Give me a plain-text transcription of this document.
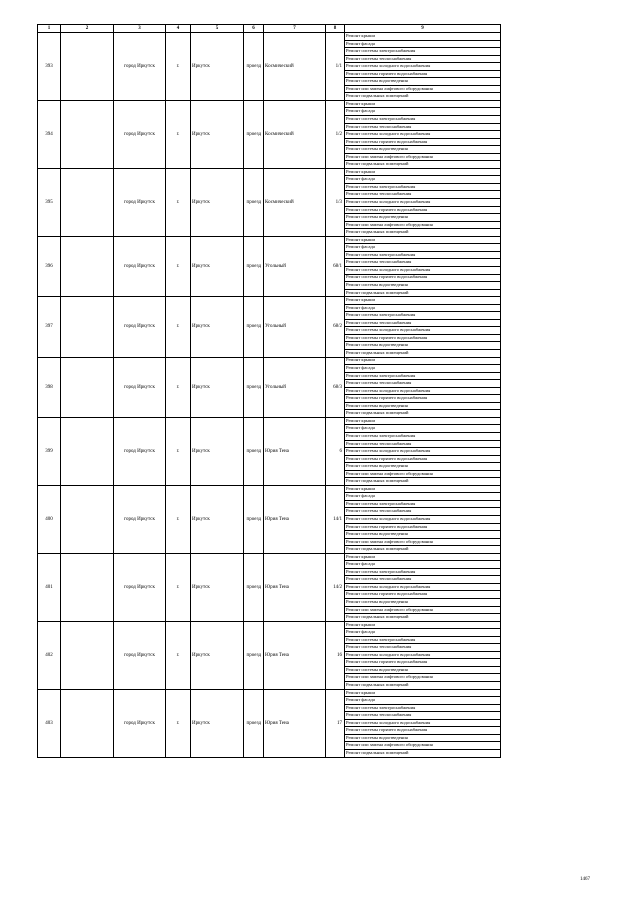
1	2	3	4	5	6	7	8	9
393		город Иркутск	г.	Иркутск	проезд	Космический	1/1	Ремонт крыши
								Ремонт фасада
								Ремонт системы электроснабжения
								Ремонт системы теплоснабжения
								Ремонт системы холодного водоснабжения
								Ремонт системы горячего водоснабжения
								Ремонт системы водоотведения
								Ремонт или замена лифтового оборудования
								Ремонт подвальных помещений
394		город Иркутск	г.	Иркутск	проезд	Космический	1/2	Ремонт крыши
								Ремонт фасада
								Ремонт системы электроснабжения
								Ремонт системы теплоснабжения
								Ремонт системы холодного водоснабжения
								Ремонт системы горячего водоснабжения
								Ремонт системы водоотведения
								Ремонт или замена лифтового оборудования
								Ремонт подвальных помещений
395		город Иркутск	г.	Иркутск	проезд	Космический	1/3	Ремонт крыши
								Ремонт фасада
								Ремонт системы электроснабжения
								Ремонт системы теплоснабжения
								Ремонт системы холодного водоснабжения
								Ремонт системы горячего водоснабжения
								Ремонт системы водоотведения
								Ремонт или замена лифтового оборудования
								Ремонт подвальных помещений
396		город Иркутск	г.	Иркутск	проезд	Угольный	68/1	Ремонт крыши
								Ремонт фасада
								Ремонт системы электроснабжения
								Ремонт системы теплоснабжения
								Ремонт системы холодного водоснабжения
								Ремонт системы горячего водоснабжения
								Ремонт системы водоотведения
								Ремонт подвальных помещений
397		город Иркутск	г.	Иркутск	проезд	Угольный	68/2	Ремонт крыши
								Ремонт фасада
								Ремонт системы электроснабжения
								Ремонт системы теплоснабжения
								Ремонт системы холодного водоснабжения
								Ремонт системы горячего водоснабжения
								Ремонт системы водоотведения
								Ремонт подвальных помещений
398		город Иркутск	г.	Иркутск	проезд	Угольный	68/3	Ремонт крыши
								Ремонт фасада
								Ремонт системы электроснабжения
								Ремонт системы теплоснабжения
								Ремонт системы холодного водоснабжения
								Ремонт системы горячего водоснабжения
								Ремонт системы водоотведения
								Ремонт подвальных помещений
399		город Иркутск	г.	Иркутск	проезд	Юрия Тена	6	Ремонт крыши
								Ремонт фасада
								Ремонт системы электроснабжения
								Ремонт системы теплоснабжения
								Ремонт системы холодного водоснабжения
								Ремонт системы горячего водоснабжения
								Ремонт системы водоотведения
								Ремонт или замена лифтового оборудования
								Ремонт подвальных помещений
400		город Иркутск	г.	Иркутск	проезд	Юрия Тена	14/1	Ремонт крыши
								Ремонт фасада
								Ремонт системы электроснабжения
								Ремонт системы теплоснабжения
								Ремонт системы холодного водоснабжения
								Ремонт системы горячего водоснабжения
								Ремонт системы водоотведения
								Ремонт или замена лифтового оборудования
								Ремонт подвальных помещений
401		город Иркутск	г.	Иркутск	проезд	Юрия Тена	14/2	Ремонт крыши
								Ремонт фасада
								Ремонт системы электроснабжения
								Ремонт системы теплоснабжения
								Ремонт системы холодного водоснабжения
								Ремонт системы горячего водоснабжения
								Ремонт системы водоотведения
								Ремонт или замена лифтового оборудования
								Ремонт подвальных помещений
402		город Иркутск	г.	Иркутск	проезд	Юрия Тена	16	Ремонт крыши
								Ремонт фасада
								Ремонт системы электроснабжения
								Ремонт системы теплоснабжения
								Ремонт системы холодного водоснабжения
								Ремонт системы горячего водоснабжения
								Ремонт системы водоотведения
								Ремонт или замена лифтового оборудования
								Ремонт подвальных помещений
403		город Иркутск	г.	Иркутск	проезд	Юрия Тена	17	Ремонт крыши
								Ремонт фасада
								Ремонт системы электроснабжения
								Ремонт системы теплоснабжения
								Ремонт системы холодного водоснабжения
								Ремонт системы горячего водоснабжения
								Ремонт системы водоотведения
								Ремонт или замена лифтового оборудования
								Ремонт подвальных помещений
1467
